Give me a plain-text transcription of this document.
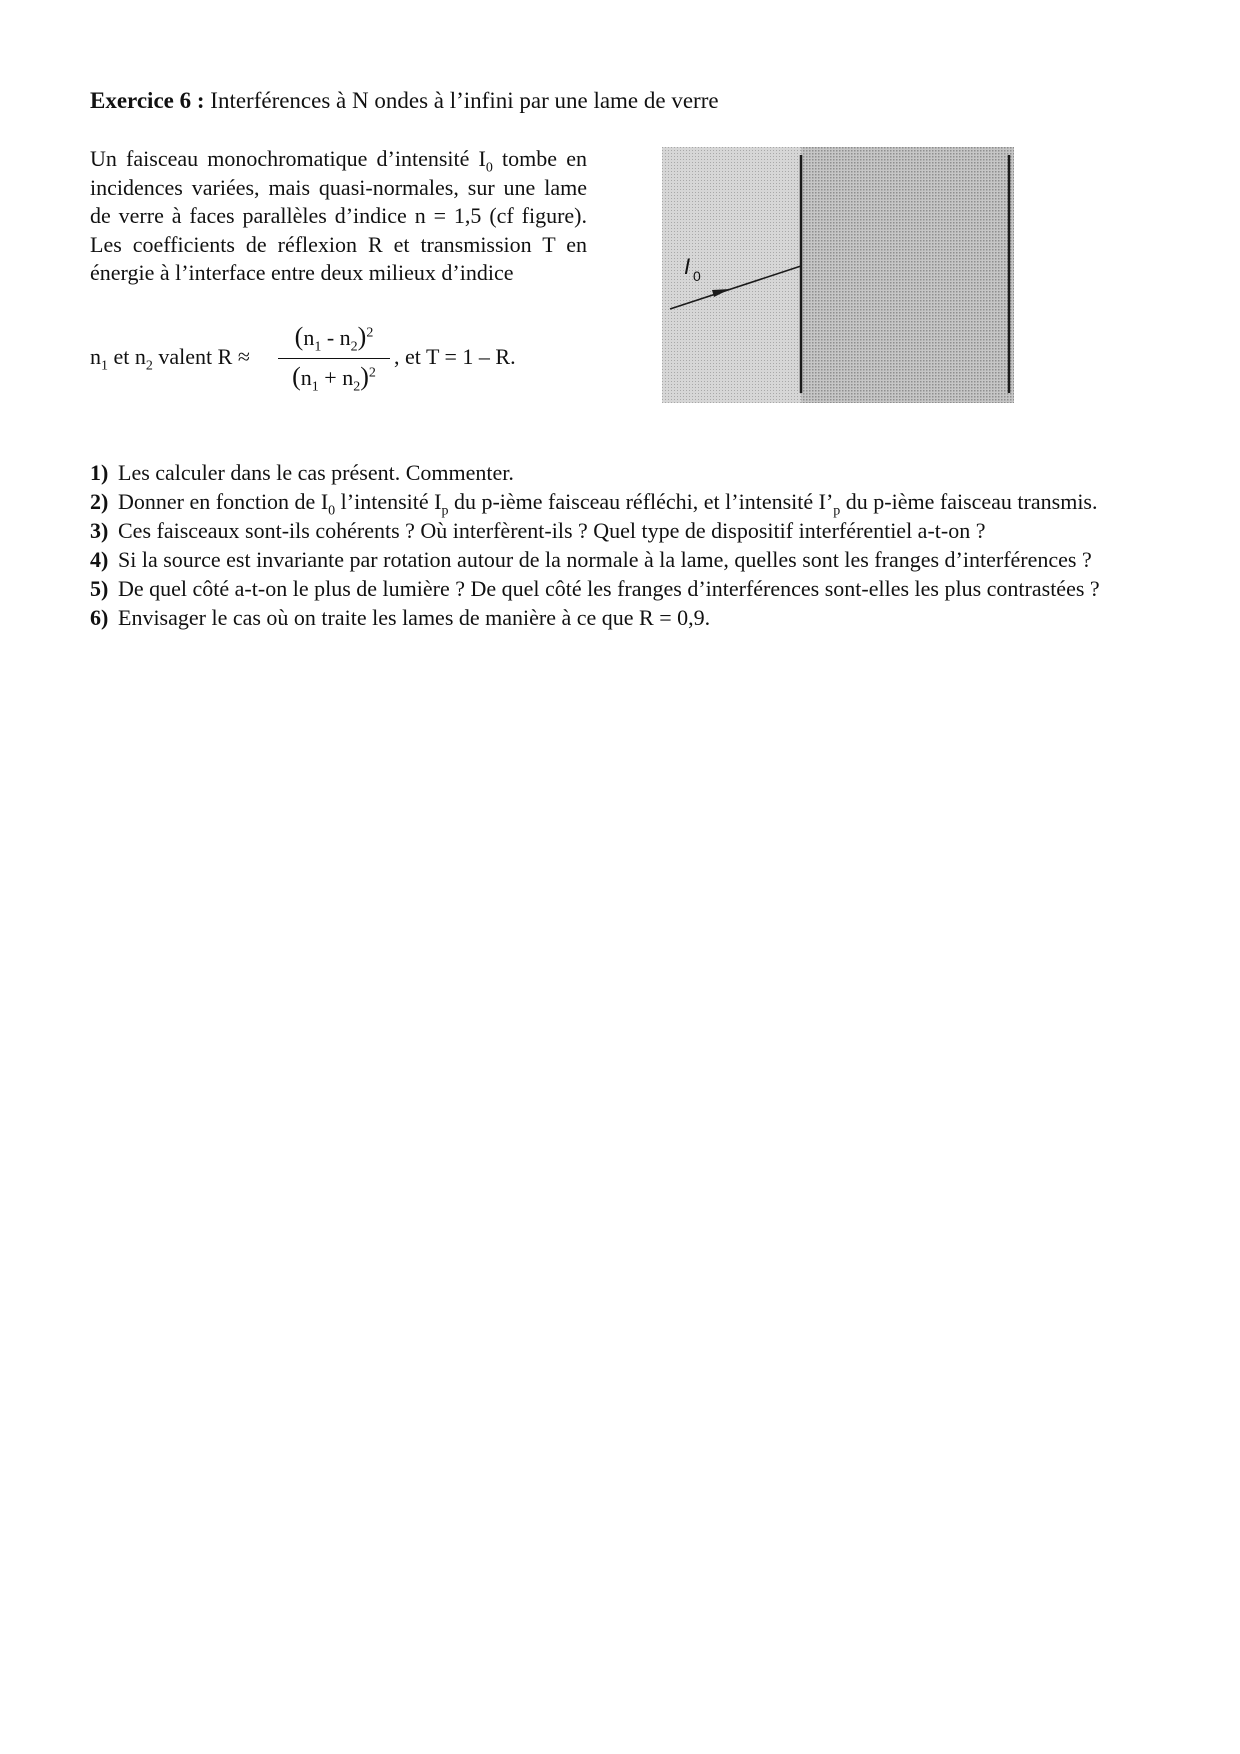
Exercice 6 : Interférences à N ondes à l’infini par une lame de verre
Un faisceau monochromatique d’intensité $I_0$ tombe en incidences variées, mais quasi-normales, sur une lame de verre à faces parallèles d’indice n = 1,5 (cf figure). Les coefficients de réflexion R et transmission T en énergie à l’interface entre deux milieux d’indice
$n_1$ et $n_2$ valent R ≈
$(n_1 - n_2)^2$
$(n_1 + n_2)^2$
, et T = 1 – R.
I 0
1) Les calculer dans le cas présent. Commenter.
2) Donner en fonction de $I_0$ l’intensité $I_p$ du p-ième faisceau réfléchi, et l’intensité $I’_p$ du p-ième faisceau transmis.
3) Ces faisceaux sont-ils cohérents ? Où interfèrent-ils ? Quel type de dispositif interférentiel a-t-on ?
4) Si la source est invariante par rotation autour de la normale à la lame, quelles sont les franges d’interférences ?
5) De quel côté a-t-on le plus de lumière ? De quel côté les franges d’interférences sont-elles les plus contrastées ?
6) Envisager le cas où on traite les lames de manière à ce que R = 0,9.
